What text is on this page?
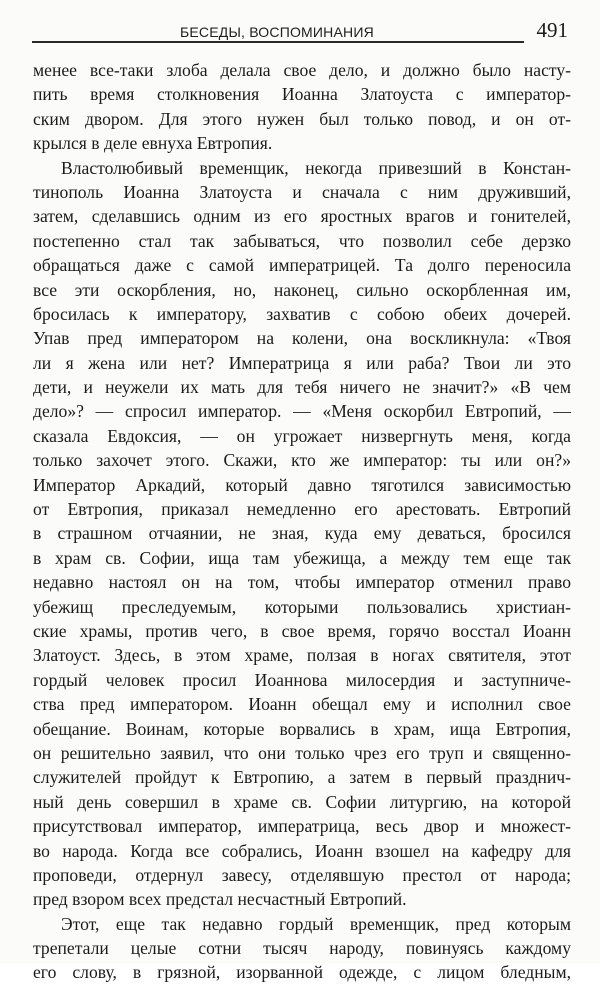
БЕСЕДЫ, ВОСПОМИНАНИЯ	491
менее все-таки злоба делала свое дело, и должно было насту-
пить время столкновения Иоанна Златоуста с император-
ским двором. Для этого нужен был только повод, и он от-
крылся в деле евнуха Евтропия.
Властолюбивый временщик, некогда привезший в Констан-
тинополь Иоанна Златоуста и сначала с ним друживший,
затем, сделавшись одним из его яростных врагов и гонителей,
постепенно стал так забываться, что позволил себе дерзко
обращаться даже с самой императрицей. Та долго переносила
все эти оскорбления, но, наконец, сильно оскорбленная им,
бросилась к императору, захватив с собою обеих дочерей.
Упав пред императором на колени, она воскликнула: «Твоя
ли я жена или нет? Императрица я или раба? Твои ли это
дети, и неужели их мать для тебя ничего не значит?» «В чем
дело»? — спросил император. — «Меня оскорбил Евтропий, —
сказала Евдоксия, — он угрожает низвергнуть меня, когда
только захочет этого. Скажи, кто же император: ты или он?»
Император Аркадий, который давно тяготился зависимостью
от Евтропия, приказал немедленно его арестовать. Евтропий
в страшном отчаянии, не зная, куда ему деваться, бросился
в храм св. Софии, ища там убежища, а между тем еще так
недавно настоял он на том, чтобы император отменил право
убежищ преследуемым, которыми пользовались христиан-
ские храмы, против чего, в свое время, горячо восстал Иоанн
Златоуст. Здесь, в этом храме, ползая в ногах святителя, этот
гордый человек просил Иоаннова милосердия и заступниче-
ства пред императором. Иоанн обещал ему и исполнил свое
обещание. Воинам, которые ворвались в храм, ища Евтропия,
он решительно заявил, что они только чрез его труп и священно-
служителей пройдут к Евтропию, а затем в первый празднич-
ный день совершил в храме св. Софии литургию, на которой
присутствовал император, императрица, весь двор и множест-
во народа. Когда все собрались, Иоанн взошел на кафедру для
проповеди, отдернул завесу, отделявшую престол от народа;
пред взором всех предстал несчастный Евтропий.
Этот, еще так недавно гордый временщик, пред которым
трепетали целые сотни тысяч народу, повинуясь каждому
его слову, в грязной, изорванной одежде, с лицом бледным,
